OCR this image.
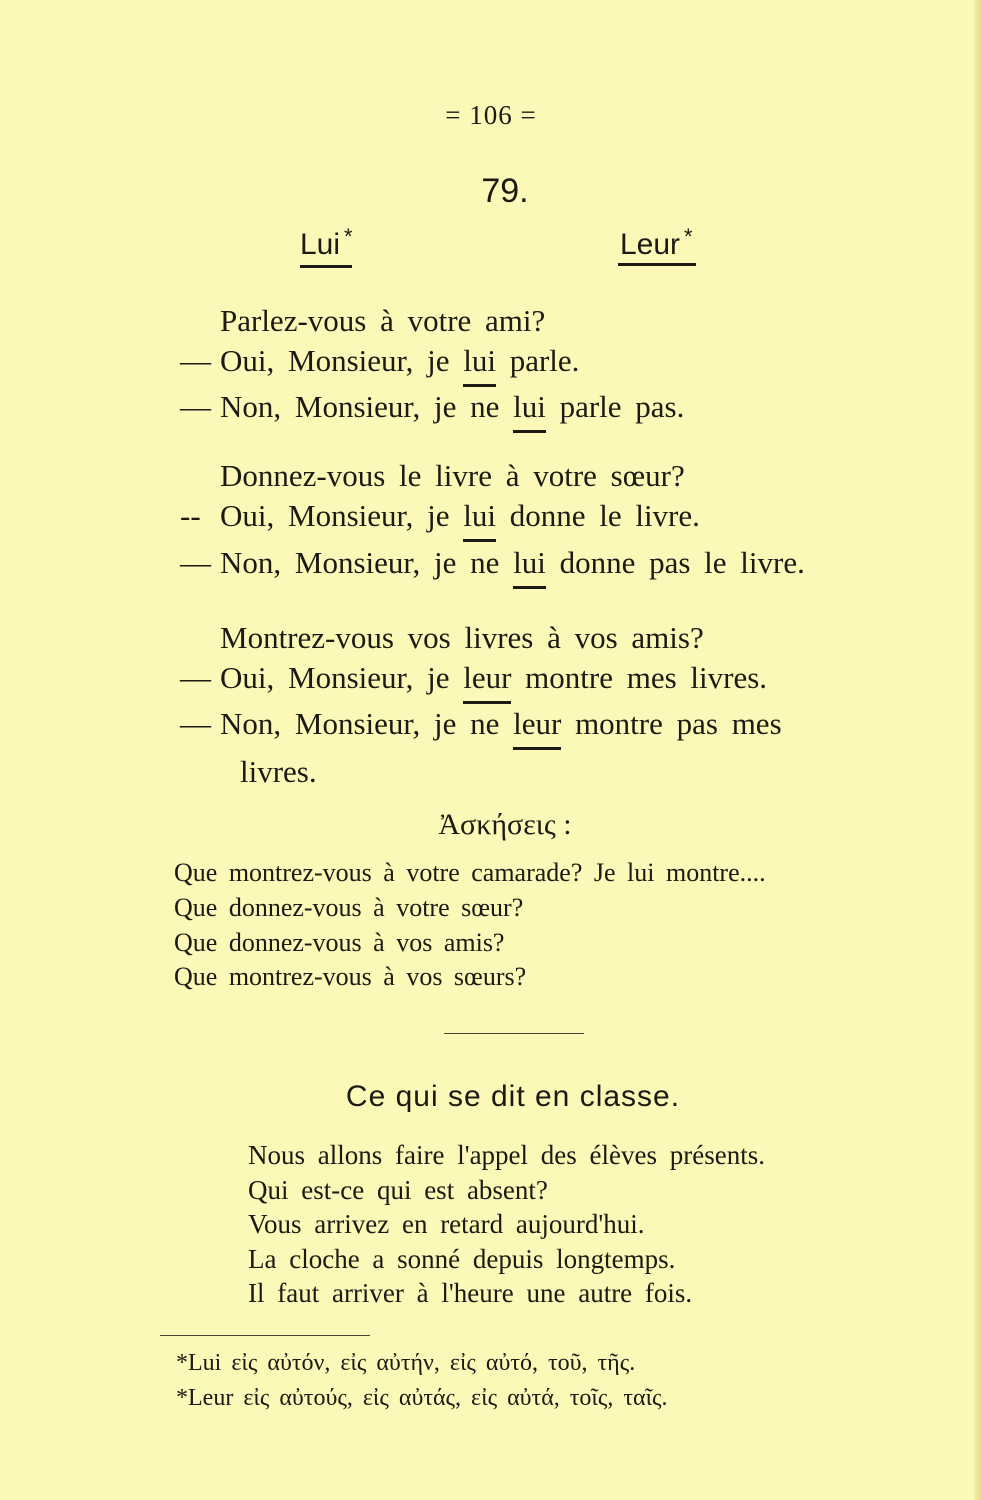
= 106 =
79.
Lui *	Leur *
Parlez-vous à votre ami?
— Oui, Monsieur, je lui parle.
— Non, Monsieur, je ne lui parle pas.
Donnez-vous le livre à votre sœur?
-- Oui, Monsieur, je lui donne le livre.
— Non, Monsieur, je ne lui donne pas le livre.
Montrez-vous vos livres à vos amis?
— Oui, Monsieur, je leur montre mes livres.
— Non, Monsieur, je ne leur montre pas mes
livres.
Ἀσκήσεις :
Que montrez-vous à votre camarade? Je lui montre....
Que donnez-vous à votre sœur?
Que donnez-vous à vos amis?
Que montrez-vous à vos sœurs?
Ce qui se dit en classe.
Nous allons faire l'appel des élèves présents.
Qui est-ce qui est absent?
Vous arrivez en retard aujourd'hui.
La cloche a sonné depuis longtemps.
Il faut arriver à l'heure une autre fois.
*Lui εἰς αὐτόν, εἰς αὐτήν, εἰς αὐτό, τοῦ, τῆς.
*Leur εἰς αὐτούς, εἰς αὐτάς, εἰς αὐτά, τοῖς, ταῖς.
